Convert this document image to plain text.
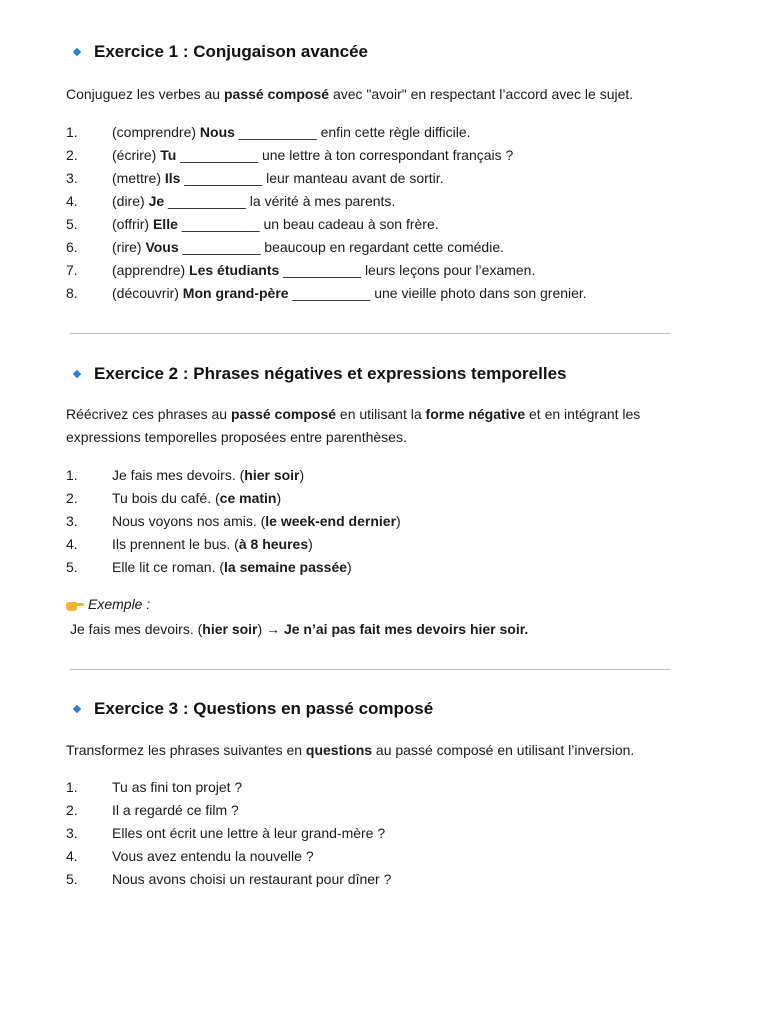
Exercice 1 : Conjugaison avancée
Conjuguez les verbes au passé composé avec "avoir" en respectant l’accord avec le sujet.
1. (comprendre) Nous __________ enfin cette règle difficile.
2. (écrire) Tu __________ une lettre à ton correspondant français ?
3. (mettre) Ils __________ leur manteau avant de sortir.
4. (dire) Je __________ la vérité à mes parents.
5. (offrir) Elle __________ un beau cadeau à son frère.
6. (rire) Vous __________ beaucoup en regardant cette comédie.
7. (apprendre) Les étudiants __________ leurs leçons pour l’examen.
8. (découvrir) Mon grand-père __________ une vieille photo dans son grenier.
Exercice 2 : Phrases négatives et expressions temporelles
Réécrivez ces phrases au passé composé en utilisant la forme négative et en intégrant les
expressions temporelles proposées entre parenthèses.
1. Je fais mes devoirs. (hier soir)
2. Tu bois du café. (ce matin)
3. Nous voyons nos amis. (le week-end dernier)
4. Ils prennent le bus. (à 8 heures)
5. Elle lit ce roman. (la semaine passée)
Exemple :
Je fais mes devoirs. (hier soir) → Je n’ai pas fait mes devoirs hier soir.
Exercice 3 : Questions en passé composé
Transformez les phrases suivantes en questions au passé composé en utilisant l’inversion.
1. Tu as fini ton projet ?
2. Il a regardé ce film ?
3. Elles ont écrit une lettre à leur grand-mère ?
4. Vous avez entendu la nouvelle ?
5. Nous avons choisi un restaurant pour dîner ?
